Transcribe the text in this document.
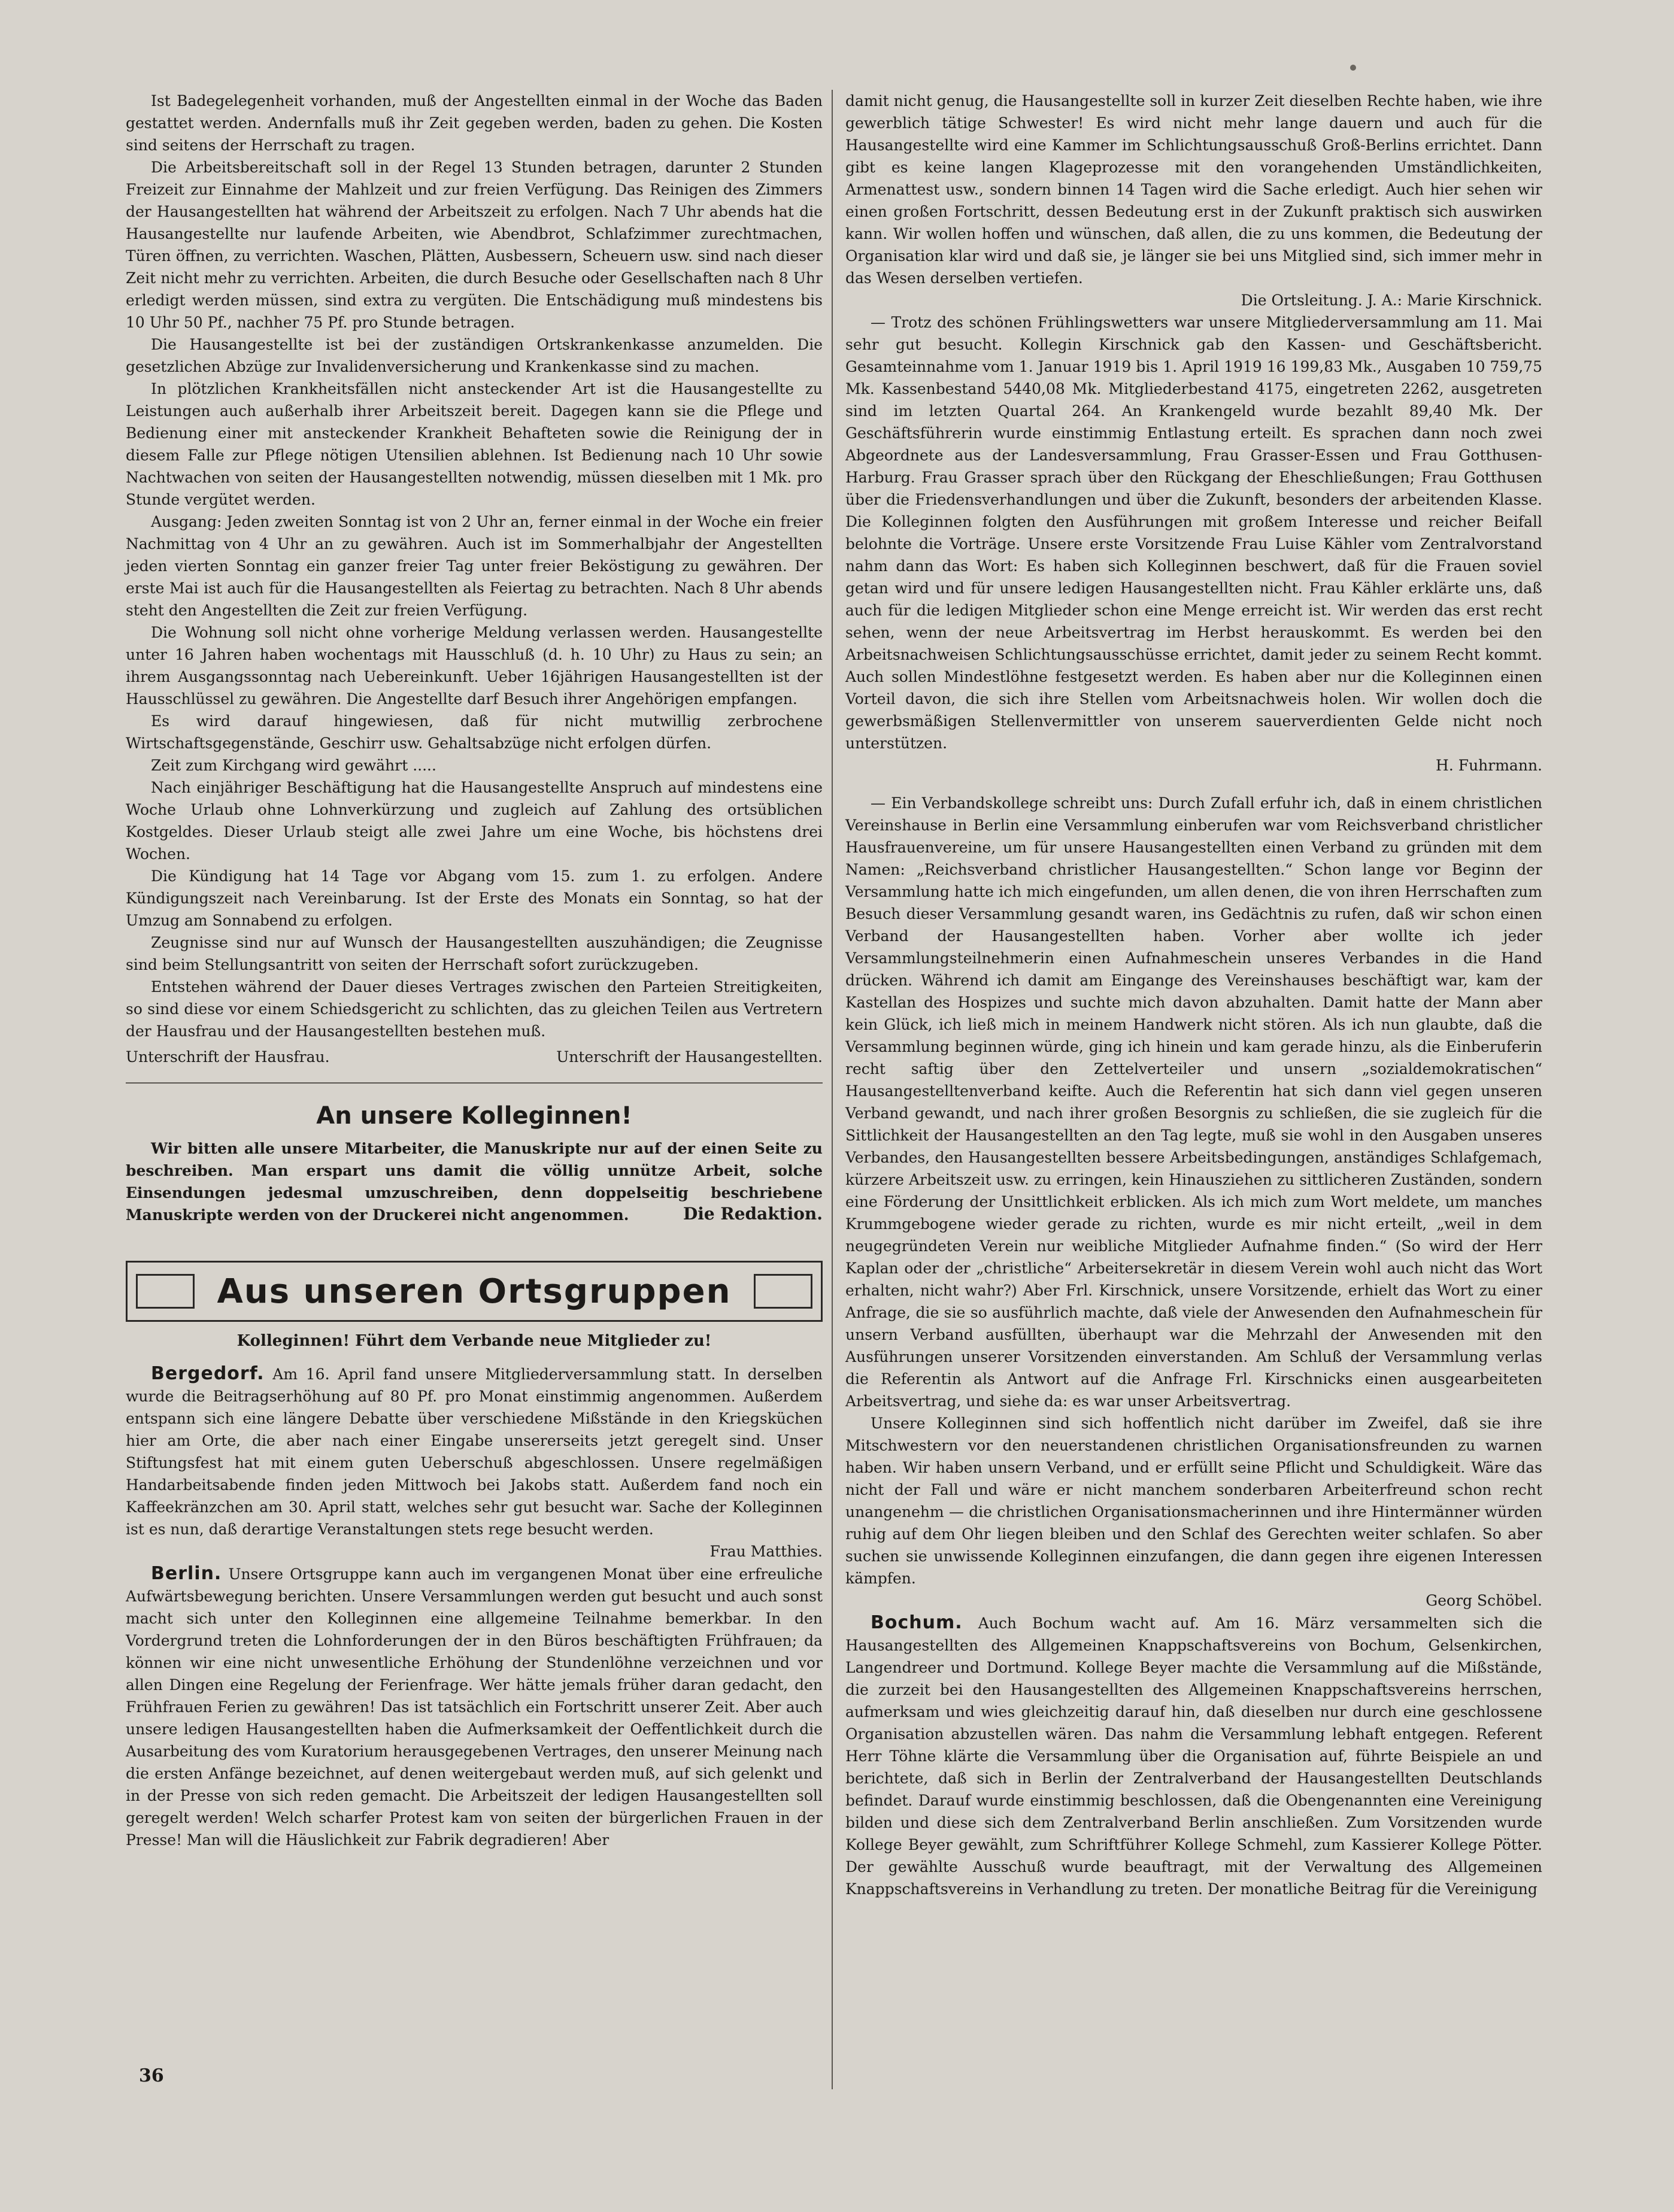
Ist Badegelegenheit vorhanden, muß der Angestellten einmal in der Woche das Baden gestattet werden. Andernfalls muß ihr Zeit gegeben werden, baden zu gehen. Die Kosten sind seitens der Herrschaft zu tragen.

Die Arbeitsbereitschaft soll in der Regel 13 Stunden betragen, darunter 2 Stunden Freizeit zur Einnahme der Mahlzeit und zur freien Verfügung. Das Reinigen des Zimmers der Hausangestellten hat während der Arbeitszeit zu erfolgen. Nach 7 Uhr abends hat die Hausangestellte nur laufende Arbeiten, wie Abendbrot, Schlafzimmer zurechtmachen, Türen öffnen, zu verrichten. Waschen, Plätten, Ausbessern, Scheuern usw. sind nach dieser Zeit nicht mehr zu verrichten. Arbeiten, die durch Besuche oder Gesellschaften nach 8 Uhr erledigt werden müssen, sind extra zu vergüten. Die Entschädigung muß mindestens bis 10 Uhr 50 Pf., nachher 75 Pf. pro Stunde betragen.

Die Hausangestellte ist bei der zuständigen Ortskrankenkasse anzumelden. Die gesetzlichen Abzüge zur Invalidenversicherung und Krankenkasse sind zu machen.

In plötzlichen Krankheitsfällen nicht ansteckender Art ist die Hausangestellte zu Leistungen auch außerhalb ihrer Arbeitszeit bereit. Dagegen kann sie die Pflege und Bedienung einer mit ansteckender Krankheit Behafteten sowie die Reinigung der in diesem Falle zur Pflege nötigen Utensilien ablehnen. Ist Bedienung nach 10 Uhr sowie Nachtwachen von seiten der Hausangestellten notwendig, müssen dieselben mit 1 Mk. pro Stunde vergütet werden.

Ausgang: Jeden zweiten Sonntag ist von 2 Uhr an, ferner einmal in der Woche ein freier Nachmittag von 4 Uhr an zu gewähren. Auch ist im Sommerhalbjahr der Angestellten jeden vierten Sonntag ein ganzer freier Tag unter freier Beköstigung zu gewähren. Der erste Mai ist auch für die Hausangestellten als Feiertag zu betrachten. Nach 8 Uhr abends steht den Angestellten die Zeit zur freien Verfügung.

Die Wohnung soll nicht ohne vorherige Meldung verlassen werden. Hausangestellte unter 16 Jahren haben wochentags mit Hausschluß (d. h. 10 Uhr) zu Haus zu sein; an ihrem Ausgangssonntag nach Uebereinkunft. Ueber 16jährigen Hausangestellten ist der Hausschlüssel zu gewähren. Die Angestellte darf Besuch ihrer Angehörigen empfangen.

Es wird darauf hingewiesen, daß für nicht mutwillig zerbrochene Wirtschaftsgegenstände, Geschirr usw. Gehaltsabzüge nicht erfolgen dürfen.

Zeit zum Kirchgang wird gewährt .....

Nach einjähriger Beschäftigung hat die Hausangestellte Anspruch auf mindestens eine Woche Urlaub ohne Lohnverkürzung und zugleich auf Zahlung des ortsüblichen Kostgeldes. Dieser Urlaub steigt alle zwei Jahre um eine Woche, bis höchstens drei Wochen.

Die Kündigung hat 14 Tage vor Abgang vom 15. zum 1. zu erfolgen. Andere Kündigungszeit nach Vereinbarung. Ist der Erste des Monats ein Sonntag, so hat der Umzug am Sonnabend zu erfolgen.

Zeugnisse sind nur auf Wunsch der Hausangestellten auszuhändigen; die Zeugnisse sind beim Stellungsantritt von seiten der Herrschaft sofort zurückzugeben.

Entstehen während der Dauer dieses Vertrages zwischen den Parteien Streitigkeiten, so sind diese vor einem Schiedsgericht zu schlichten, das zu gleichen Teilen aus Vertretern der Hausfrau und der Hausangestellten bestehen muß.

Unterschrift der Hausfrau.	Unterschrift der Hausangestellten.
An unsere Kolleginnen!

Wir bitten alle unsere Mitarbeiter, die Manuskripte nur auf der einen Seite zu beschreiben. Man erspart uns damit die völlig unnütze Arbeit, solche Einsendungen jedesmal umzuschreiben, denn doppelseitig beschriebene Manuskripte werden von der Druckerei nicht angenommen.	Die Redaktion.
Aus unseren Ortsgruppen
Kolleginnen! Führt dem Verbande neue Mitglieder zu!

Bergedorf. Am 16. April fand unsere Mitgliederversammlung statt. In derselben wurde die Beitragserhöhung auf 80 Pf. pro Monat einstimmig angenommen. Außerdem entspann sich eine längere Debatte über verschiedene Mißstände in den Kriegsküchen hier am Orte, die aber nach einer Eingabe unsererseits jetzt geregelt sind. Unser Stiftungsfest hat mit einem guten Ueberschuß abgeschlossen. Unsere regelmäßigen Handarbeitsabende finden jeden Mittwoch bei Jakobs statt. Außerdem fand noch ein Kaffeekränzchen am 30. April statt, welches sehr gut besucht war. Sache der Kolleginnen ist es nun, daß derartige Veranstaltungen stets rege besucht werden.

Frau Matthies.

Berlin. Unsere Ortsgruppe kann auch im vergangenen Monat über eine erfreuliche Aufwärtsbewegung berichten. Unsere Versammlungen werden gut besucht und auch sonst macht sich unter den Kolleginnen eine allgemeine Teilnahme bemerkbar. In den Vordergrund treten die Lohnforderungen der in den Büros beschäftigten Frühfrauen; da können wir eine nicht unwesentliche Erhöhung der Stundenlöhne verzeichnen und vor allen Dingen eine Regelung der Ferienfrage. Wer hätte jemals früher daran gedacht, den Frühfrauen Ferien zu gewähren! Das ist tatsächlich ein Fortschritt unserer Zeit. Aber auch unsere ledigen Hausangestellten haben die Aufmerksamkeit der Oeffentlichkeit durch die Ausarbeitung des vom Kuratorium herausgegebenen Vertrages, den unserer Meinung nach die ersten Anfänge bezeichnet, auf denen weitergebaut werden muß, auf sich gelenkt und in der Presse von sich reden gemacht. Die Arbeitszeit der ledigen Hausangestellten soll geregelt werden! Welch scharfer Protest kam von seiten der bürgerlichen Frauen in der Presse! Man will die Häuslichkeit zur Fabrik degradieren! Aber

damit nicht genug, die Hausangestellte soll in kurzer Zeit dieselben Rechte haben, wie ihre gewerblich tätige Schwester! Es wird nicht mehr lange dauern und auch für die Hausangestellte wird eine Kammer im Schlichtungsausschuß Groß-Berlins errichtet. Dann gibt es keine langen Klageprozesse mit den vorangehenden Umständlichkeiten, Armenattest usw., sondern binnen 14 Tagen wird die Sache erledigt. Auch hier sehen wir einen großen Fortschritt, dessen Bedeutung erst in der Zukunft praktisch sich auswirken kann. Wir wollen hoffen und wünschen, daß allen, die zu uns kommen, die Bedeutung der Organisation klar wird und daß sie, je länger sie bei uns Mitglied sind, sich immer mehr in das Wesen derselben vertiefen.

Die Ortsleitung. J. A.: Marie Kirschnick.

— Trotz des schönen Frühlingswetters war unsere Mitgliederversammlung am 11. Mai sehr gut besucht. Kollegin Kirschnick gab den Kassen- und Geschäftsbericht. Gesamteinnahme vom 1. Januar 1919 bis 1. April 1919 16 199,83 Mk., Ausgaben 10 759,75 Mk. Kassenbestand 5440,08 Mk. Mitgliederbestand 4175, eingetreten 2262, ausgetreten sind im letzten Quartal 264. An Krankengeld wurde bezahlt 89,40 Mk. Der Geschäftsführerin wurde einstimmig Entlastung erteilt. Es sprachen dann noch zwei Abgeordnete aus der Landesversammlung, Frau Grasser-Essen und Frau Gotthusen-Harburg. Frau Grasser sprach über den Rückgang der Eheschließungen; Frau Gotthusen über die Friedensverhandlungen und über die Zukunft, besonders der arbeitenden Klasse. Die Kolleginnen folgten den Ausführungen mit großem Interesse und reicher Beifall belohnte die Vorträge. Unsere erste Vorsitzende Frau Luise Kähler vom Zentralvorstand nahm dann das Wort: Es haben sich Kolleginnen beschwert, daß für die Frauen soviel getan wird und für unsere ledigen Hausangestellten nicht. Frau Kähler erklärte uns, daß auch für die ledigen Mitglieder schon eine Menge erreicht ist. Wir werden das erst recht sehen, wenn der neue Arbeitsvertrag im Herbst herauskommt. Es werden bei den Arbeitsnachweisen Schlichtungsausschüsse errichtet, damit jeder zu seinem Recht kommt. Auch sollen Mindestlöhne festgesetzt werden. Es haben aber nur die Kolleginnen einen Vorteil davon, die sich ihre Stellen vom Arbeitsnachweis holen. Wir wollen doch die gewerbsmäßigen Stellenvermittler von unserem sauerverdienten Gelde nicht noch unterstützen.

H. Fuhrmann.

— Ein Verbandskollege schreibt uns: Durch Zufall erfuhr ich, daß in einem christlichen Vereinshause in Berlin eine Versammlung einberufen war vom Reichsverband christlicher Hausfrauenvereine, um für unsere Hausangestellten einen Verband zu gründen mit dem Namen: „Reichsverband christlicher Hausangestellten.“ Schon lange vor Beginn der Versammlung hatte ich mich eingefunden, um allen denen, die von ihren Herrschaften zum Besuch dieser Versammlung gesandt waren, ins Gedächtnis zu rufen, daß wir schon einen Verband der Hausangestellten haben. Vorher aber wollte ich jeder Versammlungsteilnehmerin einen Aufnahmeschein unseres Verbandes in die Hand drücken. Während ich damit am Eingange des Vereinshauses beschäftigt war, kam der Kastellan des Hospizes und suchte mich davon abzuhalten. Damit hatte der Mann aber kein Glück, ich ließ mich in meinem Handwerk nicht stören. Als ich nun glaubte, daß die Versammlung beginnen würde, ging ich hinein und kam gerade hinzu, als die Einberuferin recht saftig über den Zettelverteiler und unsern „sozialdemokratischen“ Hausangestelltenverband keifte. Auch die Referentin hat sich dann viel gegen unseren Verband gewandt, und nach ihrer großen Besorgnis zu schließen, die sie zugleich für die Sittlichkeit der Hausangestellten an den Tag legte, muß sie wohl in den Ausgaben unseres Verbandes, den Hausangestellten bessere Arbeitsbedingungen, anständiges Schlafgemach, kürzere Arbeitszeit usw. zu erringen, kein Hinausziehen zu sittlicheren Zuständen, sondern eine Förderung der Unsittlichkeit erblicken. Als ich mich zum Wort meldete, um manches Krummgebogene wieder gerade zu richten, wurde es mir nicht erteilt, „weil in dem neugegründeten Verein nur weibliche Mitglieder Aufnahme finden.“ (So wird der Herr Kaplan oder der „christliche“ Arbeitersekretär in diesem Verein wohl auch nicht das Wort erhalten, nicht wahr?) Aber Frl. Kirschnick, unsere Vorsitzende, erhielt das Wort zu einer Anfrage, die sie so ausführlich machte, daß viele der Anwesenden den Aufnahmeschein für unsern Verband ausfüllten, überhaupt war die Mehrzahl der Anwesenden mit den Ausführungen unserer Vorsitzenden einverstanden. Am Schluß der Versammlung verlas die Referentin als Antwort auf die Anfrage Frl. Kirschnicks einen ausgearbeiteten Arbeitsvertrag, und siehe da: es war unser Arbeitsvertrag.

Unsere Kolleginnen sind sich hoffentlich nicht darüber im Zweifel, daß sie ihre Mitschwestern vor den neuerstandenen christlichen Organisationsfreunden zu warnen haben. Wir haben unsern Verband, und er erfüllt seine Pflicht und Schuldigkeit. Wäre das nicht der Fall und wäre er nicht manchem sonderbaren Arbeiterfreund schon recht unangenehm — die christlichen Organisationsmacherinnen und ihre Hintermänner würden ruhig auf dem Ohr liegen bleiben und den Schlaf des Gerechten weiter schlafen. So aber suchen sie unwissende Kolleginnen einzufangen, die dann gegen ihre eigenen Interessen kämpfen.

Georg Schöbel.

Bochum. Auch Bochum wacht auf. Am 16. März versammelten sich die Hausangestellten des Allgemeinen Knappschaftsvereins von Bochum, Gelsenkirchen, Langendreer und Dortmund. Kollege Beyer machte die Versammlung auf die Mißstände, die zurzeit bei den Hausangestellten des Allgemeinen Knappschaftsvereins herrschen, aufmerksam und wies gleichzeitig darauf hin, daß dieselben nur durch eine geschlossene Organisation abzustellen wären. Das nahm die Versammlung lebhaft entgegen. Referent Herr Töhne klärte die Versammlung über die Organisation auf, führte Beispiele an und berichtete, daß sich in Berlin der Zentralverband der Hausangestellten Deutschlands befindet. Darauf wurde einstimmig beschlossen, daß die Obengenannten eine Vereinigung bilden und diese sich dem Zentralverband Berlin anschließen. Zum Vorsitzenden wurde Kollege Beyer gewählt, zum Schriftführer Kollege Schmehl, zum Kassierer Kollege Pötter. Der gewählte Ausschuß wurde beauftragt, mit der Verwaltung des Allgemeinen Knappschaftsvereins in Verhandlung zu treten. Der monatliche Beitrag für die Vereinigung

36
